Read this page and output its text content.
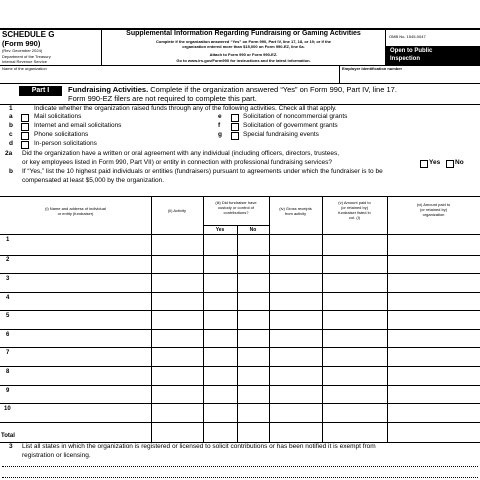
SCHEDULE G
(Form 990)
(Rev. December 2024)
Department of the Treasury
Internal Revenue Service
Supplemental Information Regarding Fundraising or Gaming Activities
Complete if the organization answered “Yes” on Form 990, Part IV, line 17, 18, or 19; or if the
organization entered more than $15,000 on Form 990-EZ, line 6a.
Attach to Form 990 or Form 990-EZ.
Go to www.irs.gov/Form990 for instructions and the latest information.
OMB No. 1545-0047
Open to Public
Inspection
Name of the organization	Employer identification number
Part I	Fundraising Activities. Complete if the organization answered “Yes” on Form 990, Part IV, line 17.
Form 990-EZ filers are not required to complete this part.
1	Indicate whether the organization raised funds through any of the following activities. Check all that apply.
a	Mail solicitations
b	Internet and email solicitations
c	Phone solicitations
d	In-person solicitations
e	Solicitation of noncommercial grants
f	Solicitation of government grants
g	Special fundraising events
2a Did the organization have a written or oral agreement with any individual (including officers, directors, trustees,
or key employees listed in Form 990, Part VII) or entity in connection with professional fundraising services?	Yes No
b If “Yes,” list the 10 highest paid individuals or entities (fundraisers) pursuant to agreements under which the fundraiser is to be
compensated at least $5,000 by the organization.
(i) Name and address of individual
or entity (fundraiser)
(ii) Activity
(iii) Did fundraiser have
custody or control of
contributions?
(iv) Gross receipts
from activity
(v) Amount paid to
(or retained by)
fundraiser listed in
col. (i)
(vi) Amount paid to
(or retained by)
organization
Yes	No
1
2
3
4
5
6
7
8
9
10
Total
3 List all states in which the organization is registered or licensed to solicit contributions or has been notified it is exempt from
registration or licensing.
